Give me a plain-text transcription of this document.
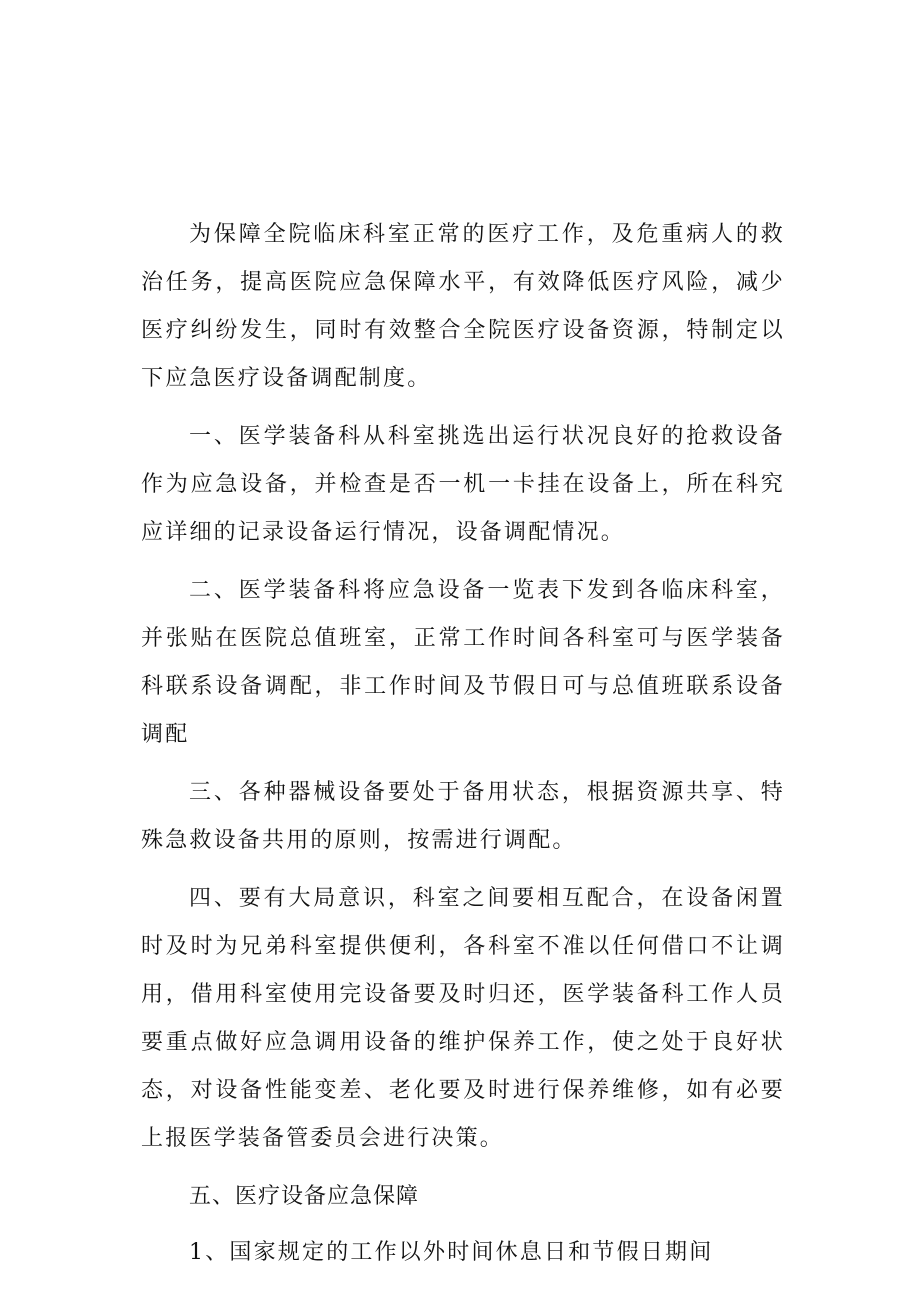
为保障全院临床科室正常的医疗工作，及危重病人的救治任务，提高医院应急保障水平，有效降低医疗风险，减少医疗纠纷发生，同时有效整合全院医疗设备资源，特制定以下应急医疗设备调配制度。

一、医学装备科从科室挑选出运行状况良好的抢救设备作为应急设备，并检查是否一机一卡挂在设备上，所在科究应详细的记录设备运行情况，设备调配情况。

二、医学装备科将应急设备一览表下发到各临床科室，并张贴在医院总值班室，正常工作时间各科室可与医学装备科联系设备调配，非工作时间及节假日可与总值班联系设备调配

三、各种器械设备要处于备用状态，根据资源共享、特殊急救设备共用的原则，按需进行调配。

四、要有大局意识，科室之间要相互配合，在设备闲置时及时为兄弟科室提供便利，各科室不准以任何借口不让调用，借用科室使用完设备要及时归还，医学装备科工作人员要重点做好应急调用设备的维护保养工作，使之处于良好状态，对设备性能变差、老化要及时进行保养维修，如有必要上报医学装备管委员会进行决策。

五、医疗设备应急保障

1、国家规定的工作以外时间休息日和节假日期间
